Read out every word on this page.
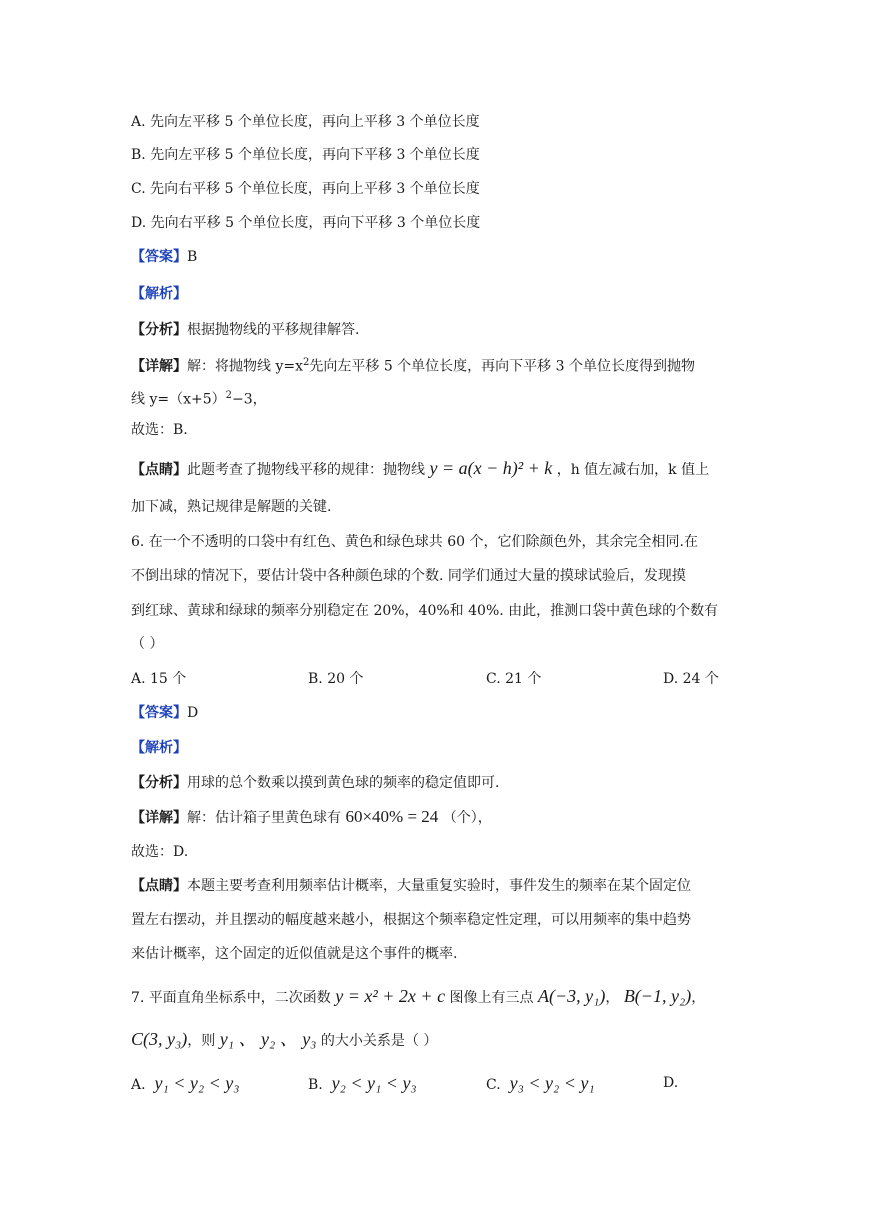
A. 先向左平移 5 个单位长度，再向上平移 3 个单位长度
B. 先向左平移 5 个单位长度，再向下平移 3 个单位长度
C. 先向右平移 5 个单位长度，再向上平移 3 个单位长度
D. 先向右平移 5 个单位长度，再向下平移 3 个单位长度
【答案】B
【解析】
【分析】根据抛物线的平移规律解答.
【详解】解：将抛物线 $y=x^2$先向左平移 5 个单位长度，再向下平移 3 个单位长度得到抛物
线 $y=(x+5)^2-3$，
故选：B.
【点睛】此题考查了抛物线平移的规律：抛物线 y = a(x − h)² + k ，h 值左减右加，k 值上
加下减，熟记规律是解题的关键.
6. 在一个不透明的口袋中有红色、黄色和绿色球共 60 个，它们除颜色外，其余完全相同.在
不倒出球的情况下，要估计袋中各种颜色球的个数. 同学们通过大量的摸球试验后，发现摸
到红球、黄球和绿球的频率分别稳定在 20%，40%和 40%. 由此，推测口袋中黄色球的个数有
（ ）
A. 15 个	B. 20 个	C. 21 个	D. 24 个
【答案】D
【解析】
【分析】用球的总个数乘以摸到黄色球的频率的稳定值即可.
【详解】解：估计箱子里黄色球有 60×40% = 24 （个），
故选：D.
【点睛】本题主要考查利用频率估计概率，大量重复实验时，事件发生的频率在某个固定位
置左右摆动，并且摆动的幅度越来越小，根据这个频率稳定性定理，可以用频率的集中趋势
来估计概率，这个固定的近似值就是这个事件的概率.
7. 平面直角坐标系中，二次函数 y = x² + 2x + c 图像上有三点 A(−3, y₁)， B(−1, y₂)，
C(3, y₃)，则 y₁ 、 y₂ 、 y₃ 的大小关系是（ ）
A. y₁ < y₂ < y₃	B. y₂ < y₁ < y₃	C. y₃ < y₂ < y₁	D.
